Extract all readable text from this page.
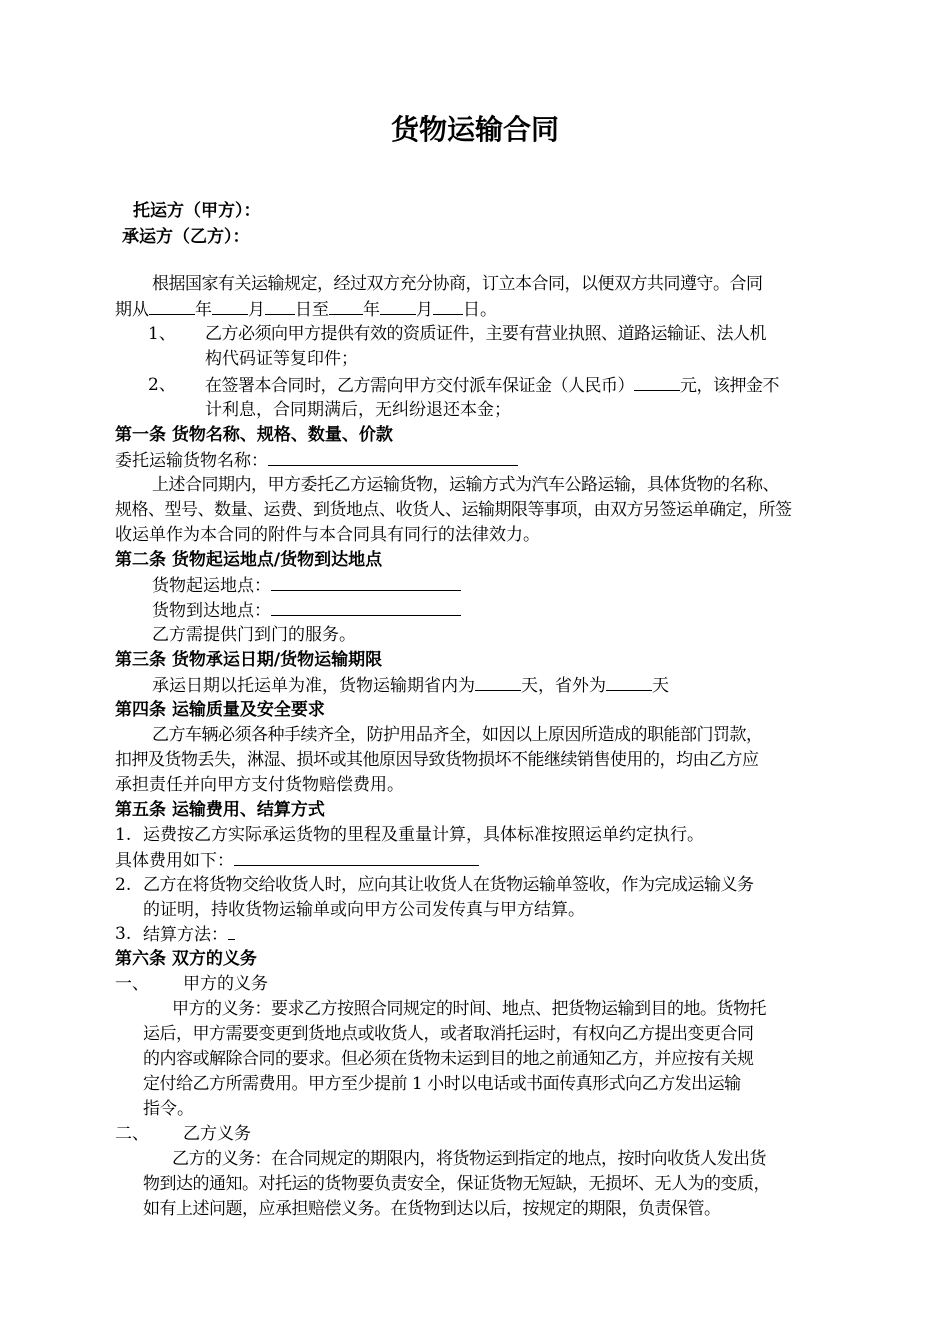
货物运输合同
托运方（甲方）：
承运方（乙方）：
根据国家有关运输规定，经过双方充分协商，订立本合同，以便双方共同遵守。合同
期从	年 月 日至 年 月 日。
1、 乙方必须向甲方提供有效的资质证件，主要有营业执照、道路运输证、法人机
构代码证等复印件；
2、 在签署本合同时，乙方需向甲方交付派车保证金（人民币）	元，该押金不
计利息，合同期满后，无纠纷退还本金；
第一条 货物名称、规格、数量、价款
委托运输货物名称：
上述合同期内，甲方委托乙方运输货物，运输方式为汽车公路运输，具体货物的名称、
规格、型号、数量、运费、到货地点、收货人、运输期限等事项，由双方另签运单确定，所签
收运单作为本合同的附件与本合同具有同行的法律效力。
第二条 货物起运地点/货物到达地点
货物起运地点：
货物到达地点：
乙方需提供门到门的服务。
第三条 货物承运日期/货物运输期限
承运日期以托运单为准，货物运输期省内为	天，省外为	天
第四条 运输质量及安全要求
乙方车辆必须各种手续齐全，防护用品齐全，如因以上原因所造成的职能部门罚款，
扣押及货物丢失，淋湿、损坏或其他原因导致货物损坏不能继续销售使用的，均由乙方应
承担责任并向甲方支付货物赔偿费用。
第五条 运输费用、结算方式
1. 运费按乙方实际承运货物的里程及重量计算，具体标准按照运单约定执行。
具体费用如下：
2. 乙方在将货物交给收货人时，应向其让收货人在货物运输单签收，作为完成运输义务
的证明，持收货物运输单或向甲方公司发传真与甲方结算。
3. 结算方法：
第六条 双方的义务
一、 甲方的义务
甲方的义务：要求乙方按照合同规定的时间、地点、把货物运输到目的地。货物托
运后，甲方需要变更到货地点或收货人，或者取消托运时，有权向乙方提出变更合同
的内容或解除合同的要求。但必须在货物未运到目的地之前通知乙方，并应按有关规
定付给乙方所需费用。甲方至少提前 1 小时以电话或书面传真形式向乙方发出运输
指令。
二、 乙方义务
乙方的义务：在合同规定的期限内，将货物运到指定的地点，按时向收货人发出货
物到达的通知。对托运的货物要负责安全，保证货物无短缺，无损坏、无人为的变质，
如有上述问题，应承担赔偿义务。在货物到达以后，按规定的期限，负责保管。
